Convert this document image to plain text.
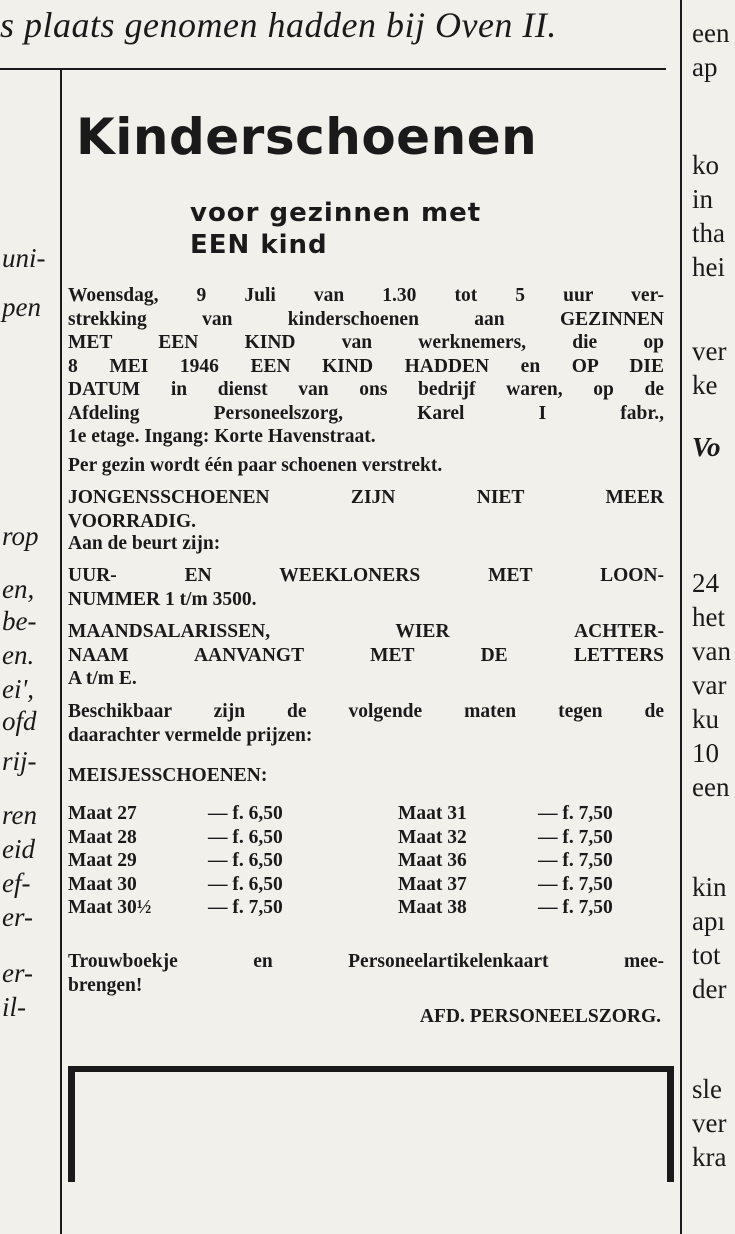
s plaats genomen hadden bij Oven II.
uni-
pen
rop
en,
be-
en.
ei',
ofd
rij-
ren
eid
ef-
er-
er-
il-
een
ap
ko
in
tha
hei
ver
ke
Vo
24
het
van
var
ku
10
een
kin
apı
tot
der
sle
ver
kra
Kinderschoenen
voor gezinnen met
EEN kind
Woensdag, 9 Juli van 1.30 tot 5 uur ver-
strekking van kinderschoenen aan GEZINNEN
MET EEN KIND van werknemers, die op
8 MEI 1946 EEN KIND HADDEN en OP DIE
DATUM in dienst van ons bedrijf waren, op de
Afdeling Personeelszorg, Karel I fabr.,
1e etage. Ingang: Korte Havenstraat.
Per gezin wordt één paar schoenen verstrekt.
JONGENSSCHOENEN ZIJN NIET MEER
VOORRADIG.
Aan de beurt zijn:
UUR- EN WEEKLONERS MET LOON-
NUMMER 1 t/m 3500.
MAANDSALARISSEN, WIER ACHTER-
NAAM AANVANGT MET DE LETTERS
A t/m E.
Beschikbaar zijn de volgende maten tegen de
daarachter vermelde prijzen:
MEISJESSCHOENEN:
Maat 27	— f. 6,50	Maat 31	— f. 7,50
Maat 28	— f. 6,50	Maat 32	— f. 7,50
Maat 29	— f. 6,50	Maat 36	— f. 7,50
Maat 30	— f. 6,50	Maat 37	— f. 7,50
Maat 30½	— f. 7,50	Maat 38	— f. 7,50
Trouwboekje en Personeelartikelenkaart mee-
brengen!
AFD. PERSONEELSZORG.
